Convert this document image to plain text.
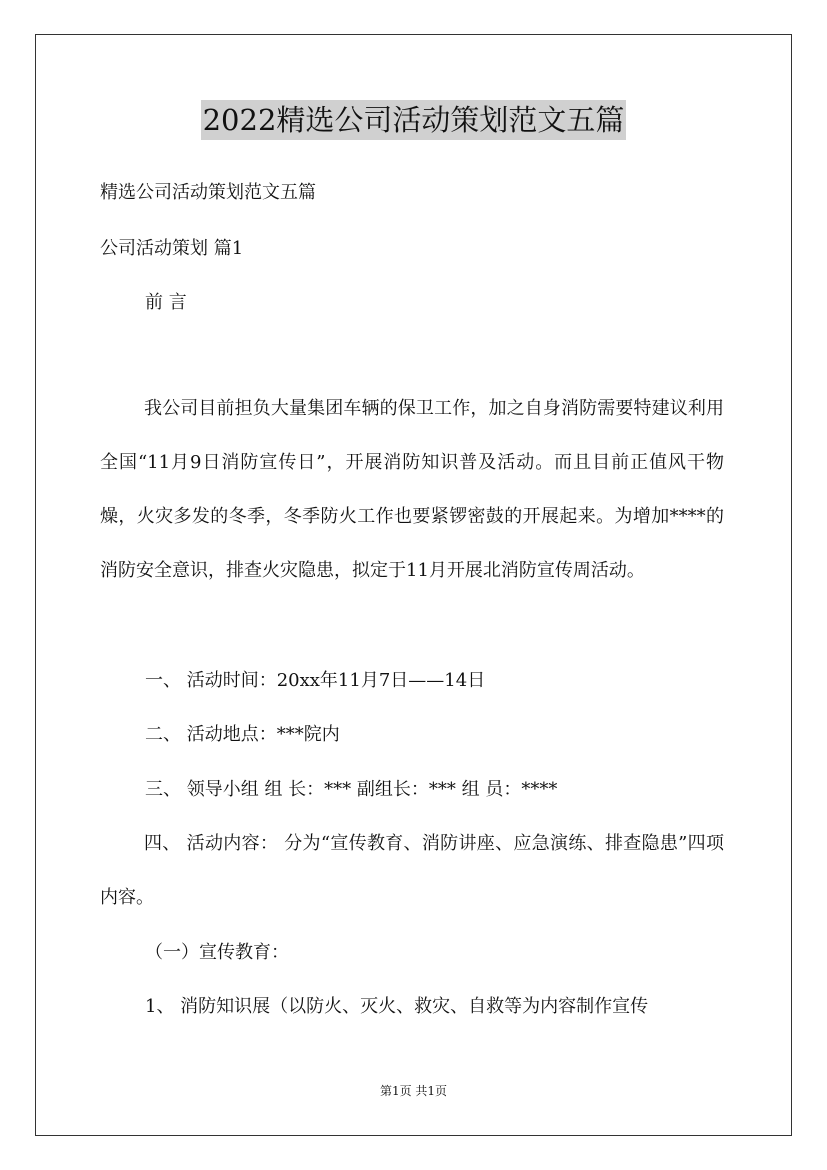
2022精选公司活动策划范文五篇
精选公司活动策划范文五篇
公司活动策划 篇1
前 言
我公司目前担负大量集团车辆的保卫工作，加之自身消防需要特建议利用全国“11月9日消防宣传日”，开展消防知识普及活动。而且目前正值风干物燥，火灾多发的冬季，冬季防火工作也要紧锣密鼓的开展起来。为增加****的消防安全意识，排查火灾隐患，拟定于11月开展北消防宣传周活动。
一、 活动时间：20xx年11月7日——14日
二、 活动地点：***院内
三、 领导小组 组 长：*** 副组长：*** 组 员：****
四、 活动内容： 分为“宣传教育、消防讲座、应急演练、排查隐患”四项内容。
（一）宣传教育：
1、 消防知识展（以防火、灭火、救灾、自救等为内容制作宣传
第1页 共1页
